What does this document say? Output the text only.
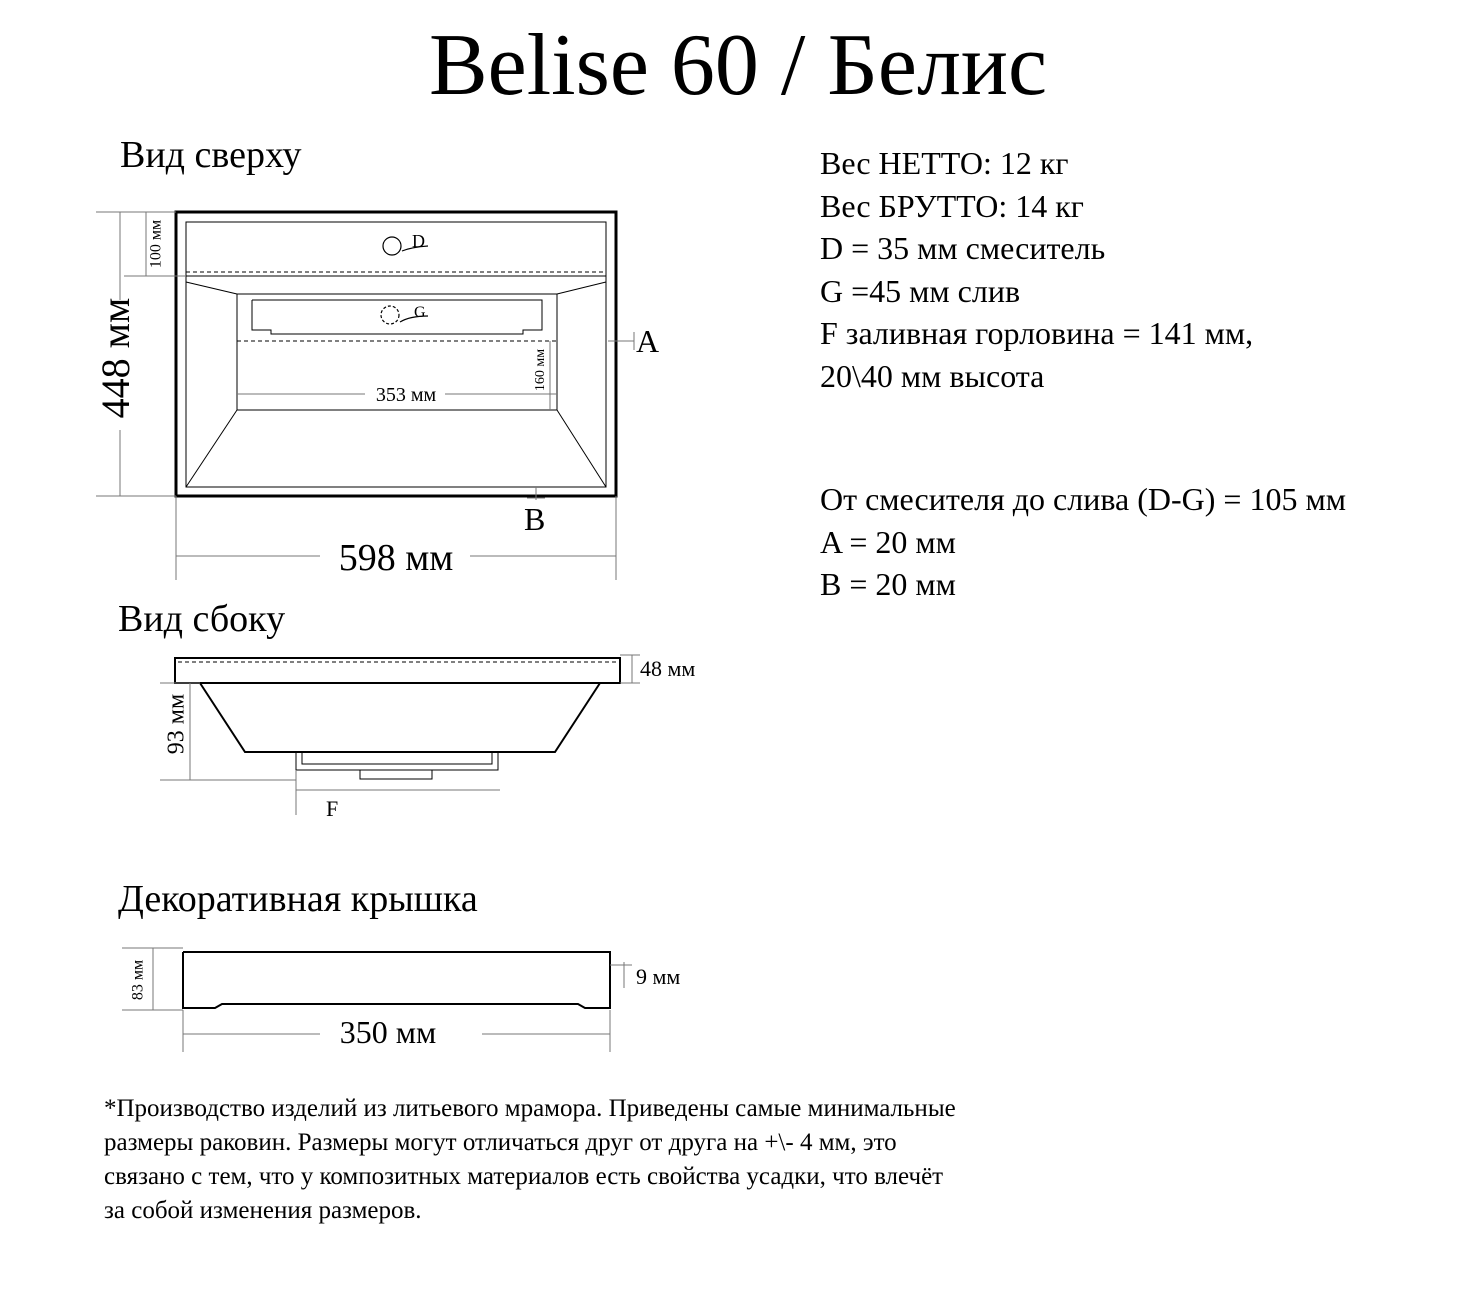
Belise 60 / Белис
Вид сверху
Вид сбоку
Декоративная крышка
448 мм
598 мм
100 мм
353 мм
160 мм
D
G
A
B
48 мм
93 мм
F
83 мм	9 мм
350 мм
Вес НЕТТО: 12 кг
Вес БРУТТО: 14 кг
D = 35 мм смеситель
G =45 мм слив
F заливная горловина = 141 мм,
20\40 мм высота
От смесителя до слива (D-G) = 105 мм
A = 20 мм
B = 20 мм
*Производство изделий из литьевого мрамора. Приведены самые минимальные размеры раковин. Размеры могут отличаться друг от друга на +\- 4 мм, это связано с тем, что у композитных материалов есть свойства усадки, что влечёт за собой изменения размеров.
